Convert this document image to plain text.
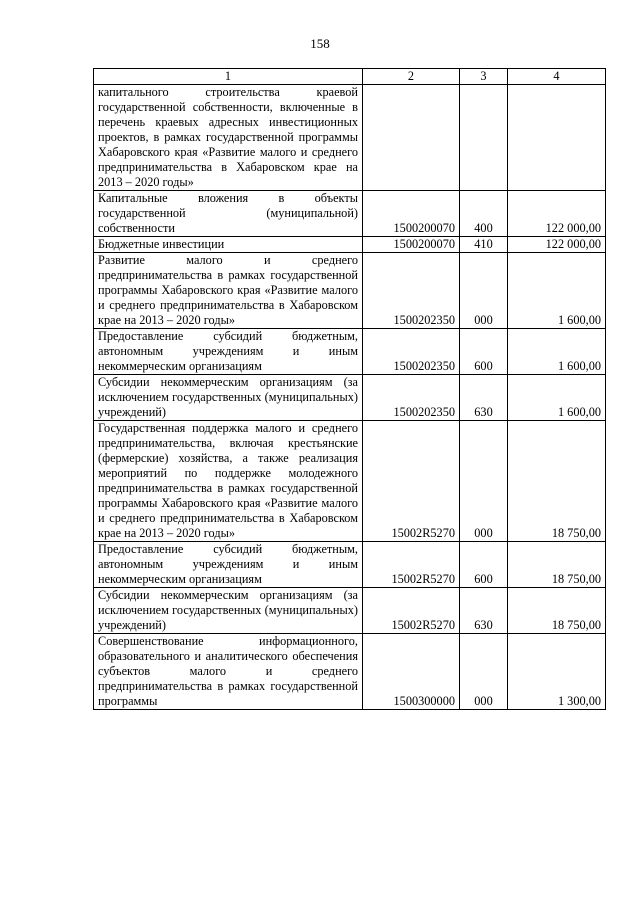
158
1	2	3	4
капитального строительства краевой государственной собственности, включенные в перечень краевых адресных инвестиционных проектов, в рамках государственной программы Хабаровского края «Развитие малого и среднего предпринимательства в Хабаровском крае на 2013 – 2020 годы»			
Капитальные вложения в объекты государственной (муниципальной) собственности	1500200070	400	122 000,00
Бюджетные инвестиции	1500200070	410	122 000,00
Развитие малого и среднего предпринимательства в рамках государственной программы Хабаровского края «Развитие малого и среднего предпринимательства в Хабаровском крае на 2013 – 2020 годы»	1500202350	000	1 600,00
Предоставление субсидий бюджетным, автономным учреждениям и иным некоммерческим организациям	1500202350	600	1 600,00
Субсидии некоммерческим организациям (за исключением государственных (муниципальных) учреждений)	1500202350	630	1 600,00
Государственная поддержка малого и среднего предпринимательства, включая крестьянские (фермерские) хозяйства, а также реализация мероприятий по поддержке молодежного предпринимательства в рамках государственной программы Хабаровского края «Развитие малого и среднего предпринимательства в Хабаровском крае на 2013 – 2020 годы»	15002R5270	000	18 750,00
Предоставление субсидий бюджетным, автономным учреждениям и иным некоммерческим организациям	15002R5270	600	18 750,00
Субсидии некоммерческим организациям (за исключением государственных (муниципальных) учреждений)	15002R5270	630	18 750,00
Совершенствование информационного, образовательного и аналитического обеспечения субъектов малого и среднего предпринимательства в рамках государственной программы	1500300000	000	1 300,00
